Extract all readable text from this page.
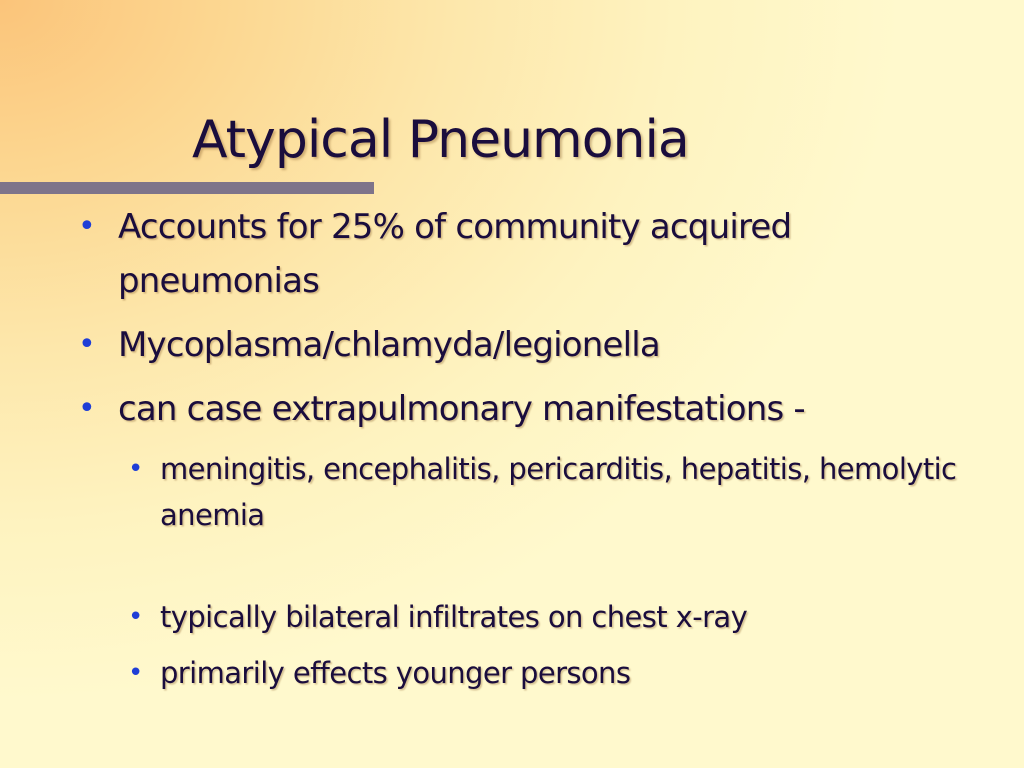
Atypical Pneumonia
• Accounts for 25% of community acquired pneumonias
• Mycoplasma/chlamyda/legionella
• can case extrapulmonary manifestations -
• meningitis, encephalitis, pericarditis, hepatitis, hemolytic anemia
• typically bilateral infiltrates on chest x-ray
• primarily effects younger persons
